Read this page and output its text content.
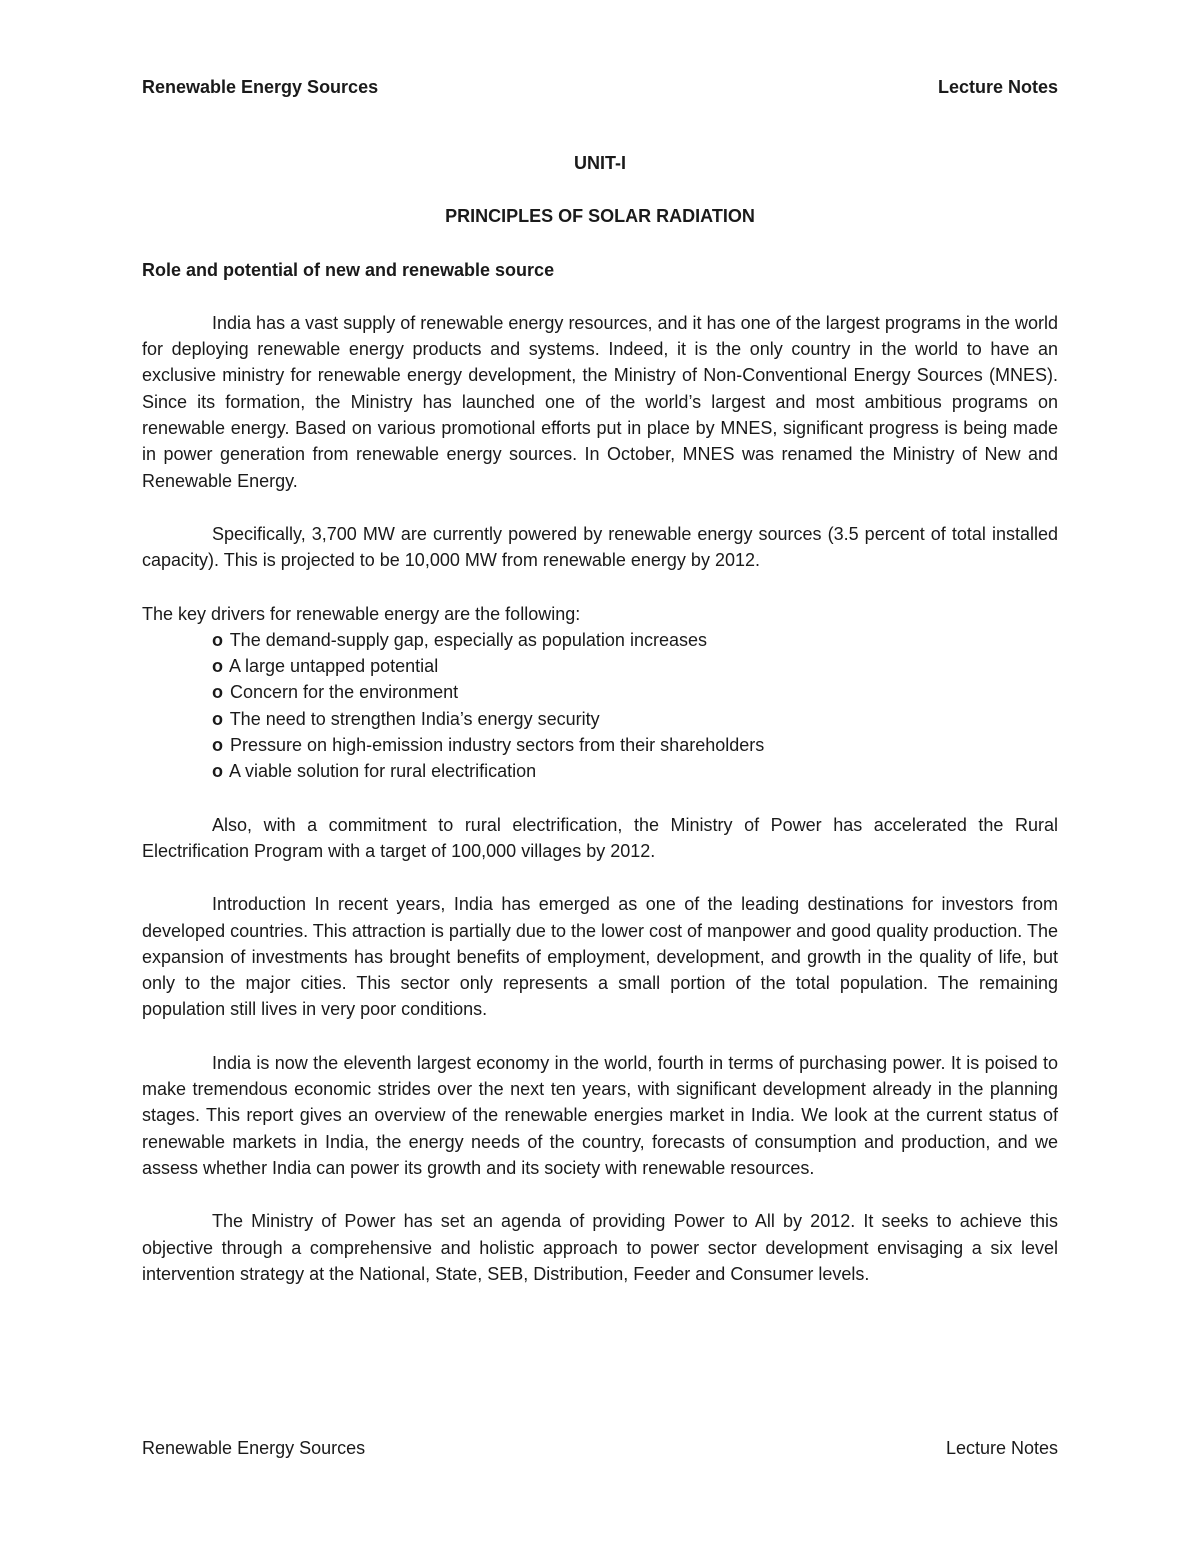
Renewable Energy Sources	Lecture Notes

UNIT-I

PRINCIPLES OF SOLAR RADIATION

Role and potential of new and renewable source

India has a vast supply of renewable energy resources, and it has one of the largest programs in the world for deploying renewable energy products and systems. Indeed, it is the only country in the world to have an exclusive ministry for renewable energy development, the Ministry of Non-Conventional Energy Sources (MNES). Since its formation, the Ministry has launched one of the world’s largest and most ambitious programs on renewable energy. Based on various promotional efforts put in place by MNES, significant progress is being made in power generation from renewable energy sources. In October, MNES was renamed the Ministry of New and Renewable Energy.

Specifically, 3,700 MW are currently powered by renewable energy sources (3.5 percent of total installed capacity). This is projected to be 10,000 MW from renewable energy by 2012.

The key drivers for renewable energy are the following:

o The demand-supply gap, especially as population increases
o A large untapped potential
o Concern for the environment
o The need to strengthen India’s energy security
o Pressure on high-emission industry sectors from their shareholders
o A viable solution for rural electrification

Also, with a commitment to rural electrification, the Ministry of Power has accelerated the Rural Electrification Program with a target of 100,000 villages by 2012.

Introduction In recent years, India has emerged as one of the leading destinations for investors from developed countries. This attraction is partially due to the lower cost of manpower and good quality production. The expansion of investments has brought benefits of employment, development, and growth in the quality of life, but only to the major cities. This sector only represents a small portion of the total population. The remaining population still lives in very poor conditions.

India is now the eleventh largest economy in the world, fourth in terms of purchasing power. It is poised to make tremendous economic strides over the next ten years, with significant development already in the planning stages. This report gives an overview of the renewable energies market in India. We look at the current status of renewable markets in India, the energy needs of the country, forecasts of consumption and production, and we assess whether India can power its growth and its society with renewable resources.

The Ministry of Power has set an agenda of providing Power to All by 2012. It seeks to achieve this objective through a comprehensive and holistic approach to power sector development envisaging a six level intervention strategy at the National, State, SEB, Distribution, Feeder and Consumer levels.

Renewable Energy Sources	Lecture Notes
